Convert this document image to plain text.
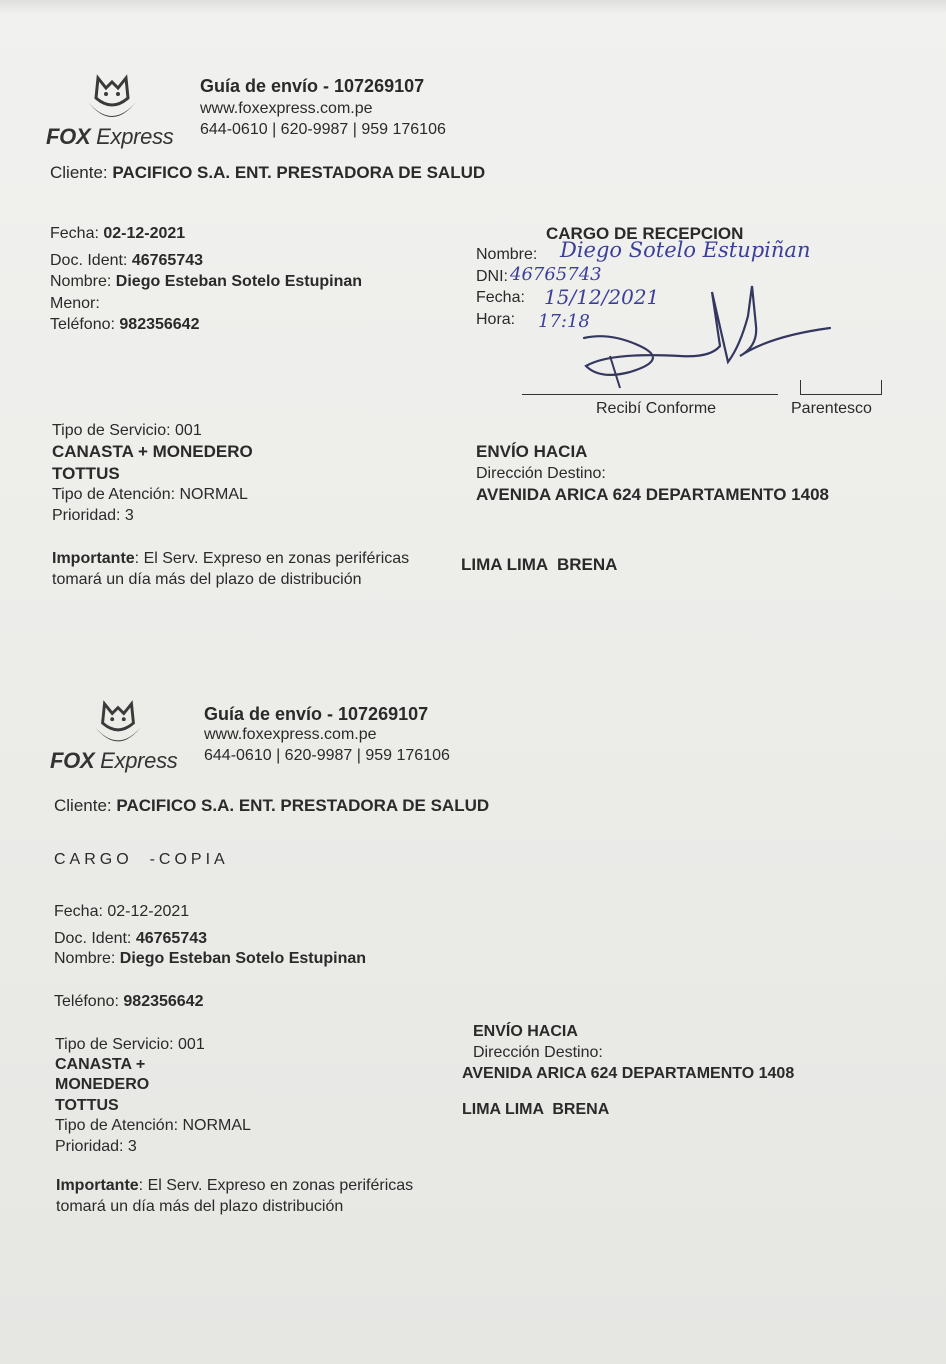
FOX Express
Guía de envío - 107269107
www.foxexpress.com.pe
644-0610 | 620-9987 | 959 176106
Cliente: PACIFICO S.A. ENT. PRESTADORA DE SALUD
Fecha: 02-12-2021
Doc. Ident: 46765743
Nombre: Diego Esteban Sotelo Estupinan
Menor:
Teléfono: 982356642
CARGO DE RECEPCION
Nombre: Diego Sotelo Estupiñan
DNI: 46765743
Fecha: 15/12/2021
Hora: 17:18
Recibí Conforme	Parentesco
Tipo de Servicio: 001
CANASTA + MONEDERO
TOTTUS
Tipo de Atención: NORMAL
Prioridad: 3
Importante: El Serv. Expreso en zonas periféricas
tomará un día más del plazo de distribución
ENVÍO HACIA
Dirección Destino:
AVENIDA ARICA 624 DEPARTAMENTO 1408
LIMA LIMA  BRENA
FOX Express
Guía de envío - 107269107
www.foxexpress.com.pe
644-0610 | 620-9987 | 959 176106
Cliente: PACIFICO S.A. ENT. PRESTADORA DE SALUD
CARGO  -COPIA
Fecha: 02-12-2021
Doc. Ident: 46765743
Nombre: Diego Esteban Sotelo Estupinan
Teléfono: 982356642
Tipo de Servicio: 001
CANASTA +
MONEDERO
TOTTUS
Tipo de Atención: NORMAL
Prioridad: 3
Importante: El Serv. Expreso en zonas periféricas
tomará un día más del plazo distribución
ENVÍO HACIA
Dirección Destino:
AVENIDA ARICA 624 DEPARTAMENTO 1408
LIMA LIMA  BRENA
